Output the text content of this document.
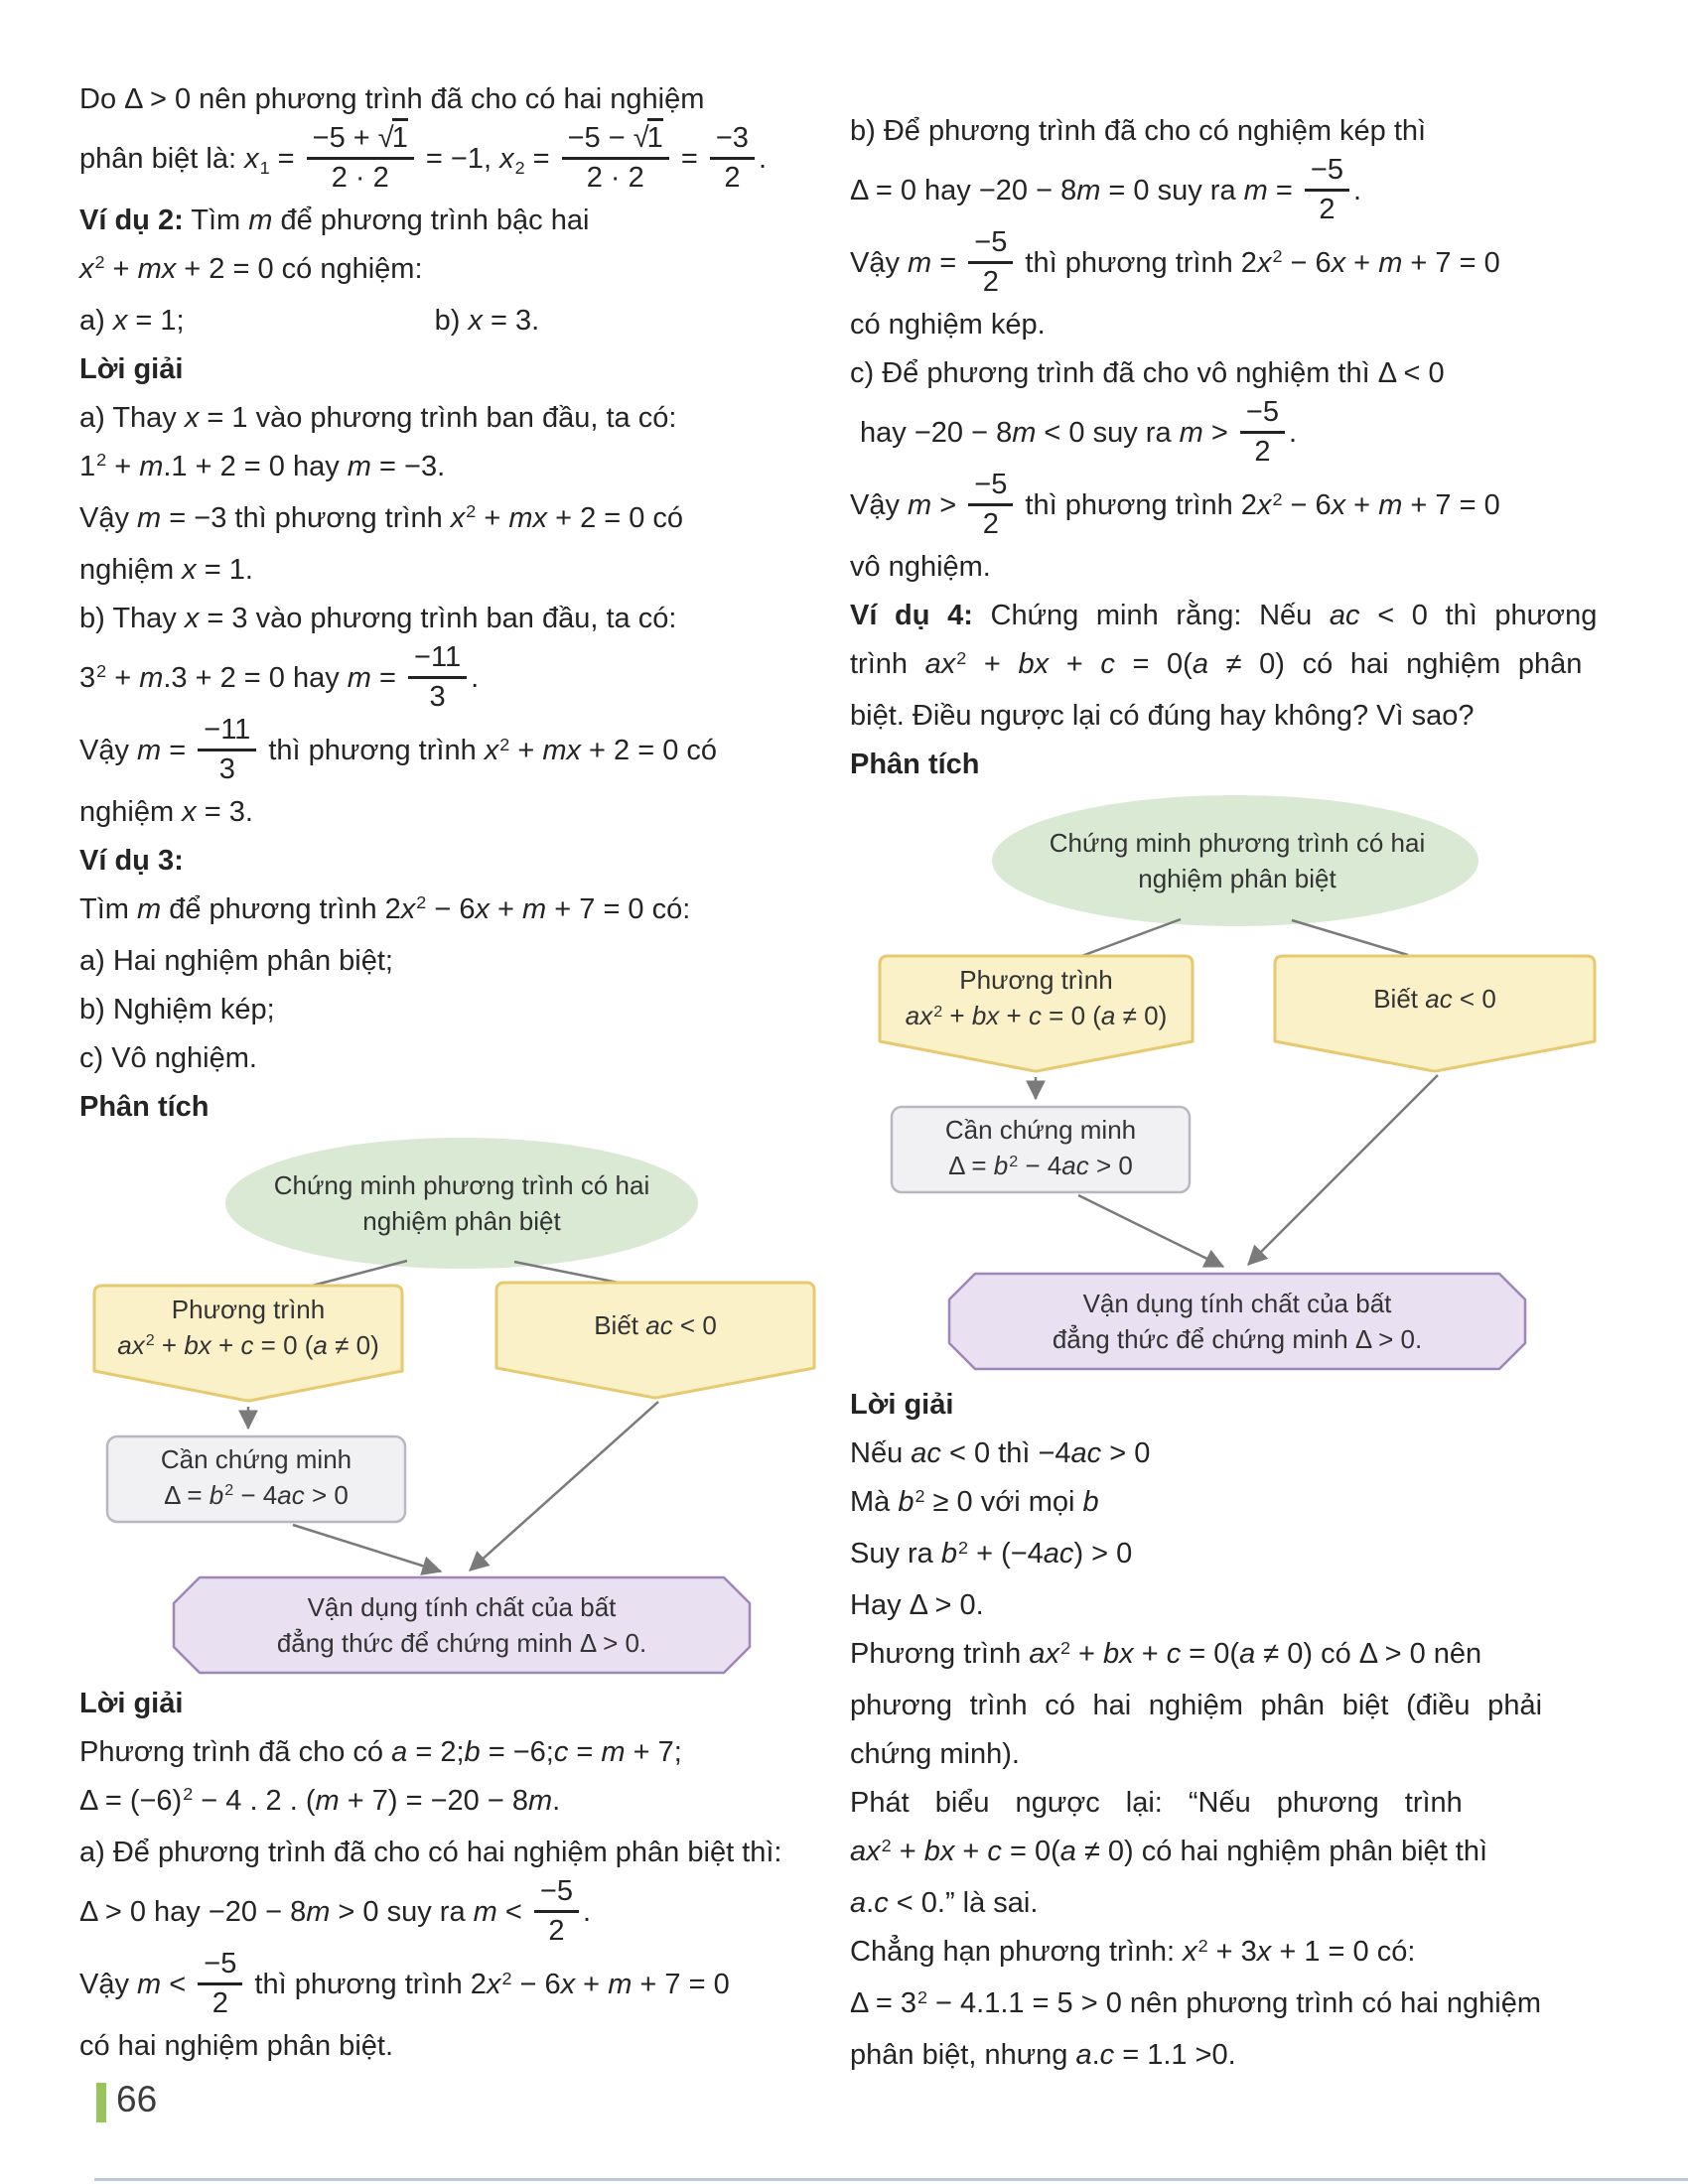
Do Δ > 0 nên phương trình đã cho có hai nghiệm
phân biệt là: $x1 = \frac{-5 + √1}{2 \cdot 2} = -1$, $x2 = \frac{-5 - √1}{2 \cdot 2} = \frac{-3}{2}$ .
Ví dụ 2: Tìm m để phương trình bậc hai
$x^2$ + mx + 2 = 0 có nghiệm:
a) x = 1;	b) x = 3.
Lời giải
a) Thay x = 1 vào phương trình ban đầu, ta có:
$1^2 + m.1 + 2 = 0$ hay m = −3.
Vậy m = −3 thì phương trình $x^2$ + mx + 2 = 0 có
nghiệm x = 1.
b) Thay x = 3 vào phương trình ban đầu, ta có:
$3^2 + m.3 + 2 = 0$ hay $m = \frac{-11}{3}$ .
Vậy $m = \frac{-11}{3}$ thì phương trình $x^2$ + mx + 2 = 0 có
nghiệm x = 3.
Ví dụ 3:
Tìm m để phương trình $2x^2 - 6x + m + 7 = 0$ có:
a) Hai nghiệm phân biệt;
b) Nghiệm kép;
c) Vô nghiệm.
Phân tích
Chứng minh phương trình có hai
nghiệm phân biệt
Phương trình
$ax^2$ + bx + c = 0 (a ≠ 0)
Biết ac < 0
Cần chứng minh
$\Delta = b^2 - 4ac > 0$
Vận dụng tính chất của bất
đẳng thức để chứng minh Δ > 0.
Lời giải
Phương trình đã cho có a = 2;b = −6;c = m + 7;
$\Delta = (-6)^2 - 4$ . 2 . (m + 7) = −20 − 8m.
a) Để phương trình đã cho có hai nghiệm phân biệt thì:
Δ > 0 hay −20 − 8m > 0 suy ra $m < \frac{-5}{2}$ .
Vậy $m < \frac{-5}{2}$ thì phương trình $2x^2 - 6x + m + 7 = 0$
có hai nghiệm phân biệt.
b) Để phương trình đã cho có nghiệm kép thì
Δ = 0 hay −20 − 8m = 0 suy ra $m = \frac{-5}{2}$ .
Vậy $m = \frac{-5}{2}$ thì phương trình $2x^2 - 6x + m + 7 = 0$
có nghiệm kép.
c) Để phương trình đã cho vô nghiệm thì Δ < 0
hay −20 − 8m < 0 suy ra $m > \frac{-5}{2}$ .
Vậy $m > \frac{-5}{2}$ thì phương trình $2x^2 - 6x + m + 7 = 0$
vô nghiệm.
Ví dụ 4: Chứng minh rằng: Nếu ac < 0 thì phương
trình $ax^2$ + bx + c = 0(a ≠ 0) có hai nghiệm phân
biệt. Điều ngược lại có đúng hay không? Vì sao?
Phân tích
Chứng minh phương trình có hai
nghiệm phân biệt
Phương trình
$ax^2$ + bx + c = 0 (a ≠ 0)
Biết ac < 0
Cần chứng minh
$\Delta = b^2 - 4ac > 0$
Vận dụng tính chất của bất
đẳng thức để chứng minh Δ > 0.
Lời giải
Nếu ac < 0 thì −4ac > 0
Mà $b^2 \ge 0$ với mọi b
Suy ra $b^2 + (-4ac) > 0$
Hay Δ > 0.
Phương trình $ax^2$ + bx + c = 0(a ≠ 0) có Δ > 0 nên
phương trình có hai nghiệm phân biệt (điều phải
chứng minh).
Phát biểu ngược lại: “Nếu phương trình
$ax^2$ + bx + c = 0(a ≠ 0) có hai nghiệm phân biệt thì
a.c < 0.” là sai.
Chẳng hạn phương trình: $x^2 + 3x + 1 = 0$ có:
$\Delta = 3^2 - 4.1.1 = 5 > 0$ nên phương trình có hai nghiệm
phân biệt, nhưng a.c = 1.1 >0.
66
